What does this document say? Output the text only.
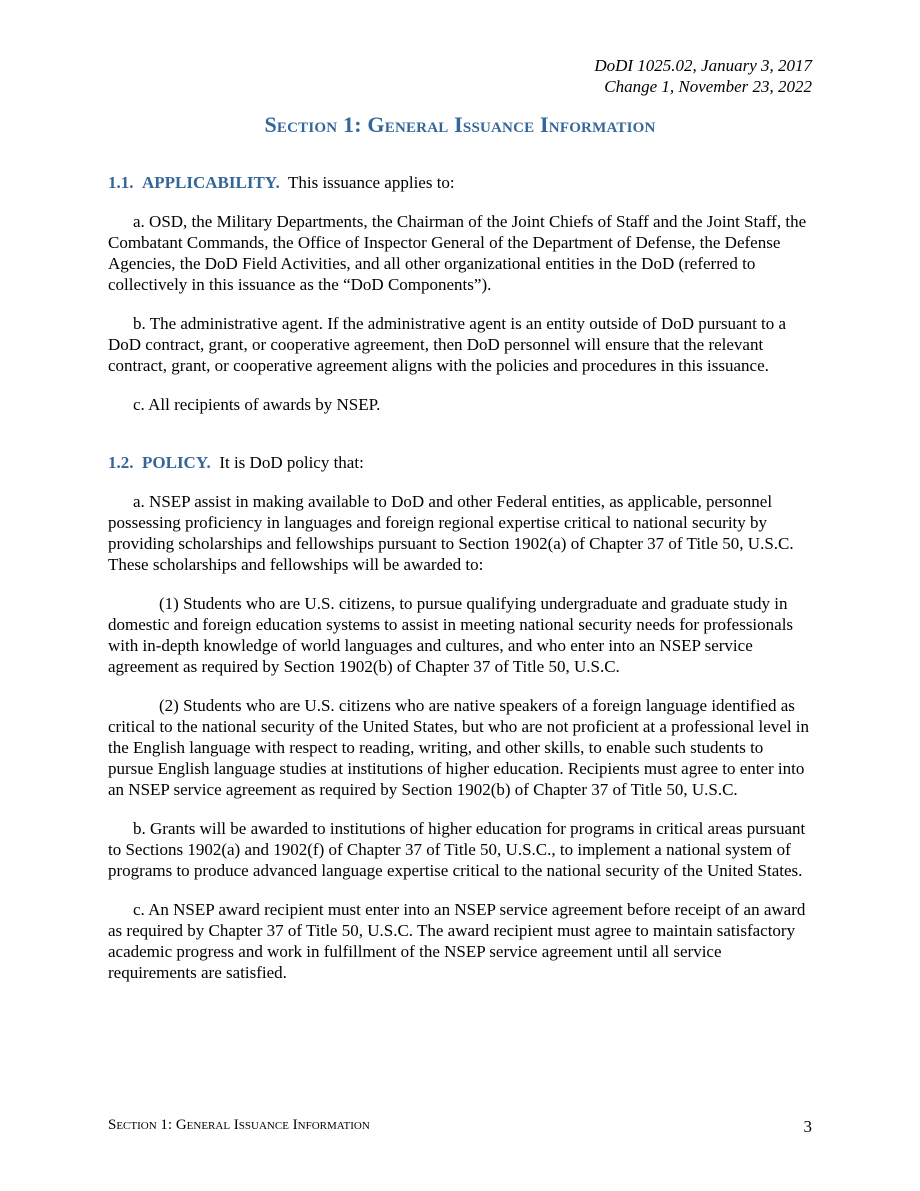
DoDI 1025.02, January 3, 2017
Change 1, November 23, 2022
Section 1: General Issuance Information
1.1. APPLICABILITY. This issuance applies to:

a. OSD, the Military Departments, the Chairman of the Joint Chiefs of Staff and the Joint Staff, the Combatant Commands, the Office of Inspector General of the Department of Defense, the Defense Agencies, the DoD Field Activities, and all other organizational entities in the DoD (referred to collectively in this issuance as the “DoD Components”).

b. The administrative agent. If the administrative agent is an entity outside of DoD pursuant to a DoD contract, grant, or cooperative agreement, then DoD personnel will ensure that the relevant contract, grant, or cooperative agreement aligns with the policies and procedures in this issuance.

c. All recipients of awards by NSEP.

1.2. POLICY. It is DoD policy that:

a. NSEP assist in making available to DoD and other Federal entities, as applicable, personnel possessing proficiency in languages and foreign regional expertise critical to national security by providing scholarships and fellowships pursuant to Section 1902(a) of Chapter 37 of Title 50, U.S.C. These scholarships and fellowships will be awarded to:

(1) Students who are U.S. citizens, to pursue qualifying undergraduate and graduate study in domestic and foreign education systems to assist in meeting national security needs for professionals with in-depth knowledge of world languages and cultures, and who enter into an NSEP service agreement as required by Section 1902(b) of Chapter 37 of Title 50, U.S.C.

(2) Students who are U.S. citizens who are native speakers of a foreign language identified as critical to the national security of the United States, but who are not proficient at a professional level in the English language with respect to reading, writing, and other skills, to enable such students to pursue English language studies at institutions of higher education. Recipients must agree to enter into an NSEP service agreement as required by Section 1902(b) of Chapter 37 of Title 50, U.S.C.

b. Grants will be awarded to institutions of higher education for programs in critical areas pursuant to Sections 1902(a) and 1902(f) of Chapter 37 of Title 50, U.S.C., to implement a national system of programs to produce advanced language expertise critical to the national security of the United States.

c. An NSEP award recipient must enter into an NSEP service agreement before receipt of an award as required by Chapter 37 of Title 50, U.S.C. The award recipient must agree to maintain satisfactory academic progress and work in fulfillment of the NSEP service agreement until all service requirements are satisfied.

Section 1: General Issuance Information	3
